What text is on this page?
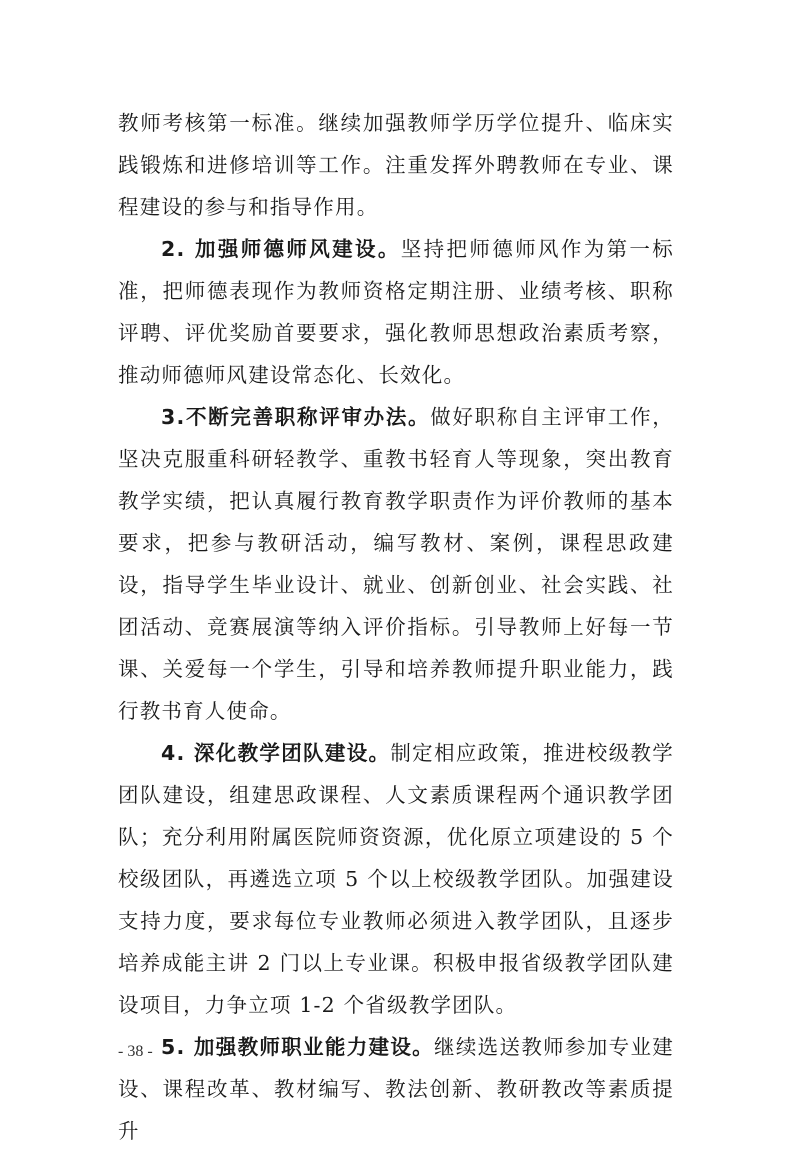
教师考核第一标准。继续加强教师学历学位提升、临床实践锻炼和进修培训等工作。注重发挥外聘教师在专业、课程建设的参与和指导作用。

2. 加强师德师风建设。坚持把师德师风作为第一标准，把师德表现作为教师资格定期注册、业绩考核、职称评聘、评优奖励首要要求，强化教师思想政治素质考察，推动师德师风建设常态化、长效化。

3.不断完善职称评审办法。做好职称自主评审工作，坚决克服重科研轻教学、重教书轻育人等现象，突出教育教学实绩，把认真履行教育教学职责作为评价教师的基本要求，把参与教研活动，编写教材、案例，课程思政建设，指导学生毕业设计、就业、创新创业、社会实践、社团活动、竞赛展演等纳入评价指标。引导教师上好每一节课、关爱每一个学生，引导和培养教师提升职业能力，践行教书育人使命。

4. 深化教学团队建设。制定相应政策，推进校级教学团队建设，组建思政课程、人文素质课程两个通识教学团队；充分利用附属医院师资资源，优化原立项建设的 5 个校级团队，再遴选立项 5 个以上校级教学团队。加强建设支持力度，要求每位专业教师必须进入教学团队，且逐步培养成能主讲 2 门以上专业课。积极申报省级教学团队建设项目，力争立项 1-2 个省级教学团队。

5. 加强教师职业能力建设。继续选送教师参加专业建设、课程改革、教材编写、教法创新、教研教改等素质提升

- 38 -
